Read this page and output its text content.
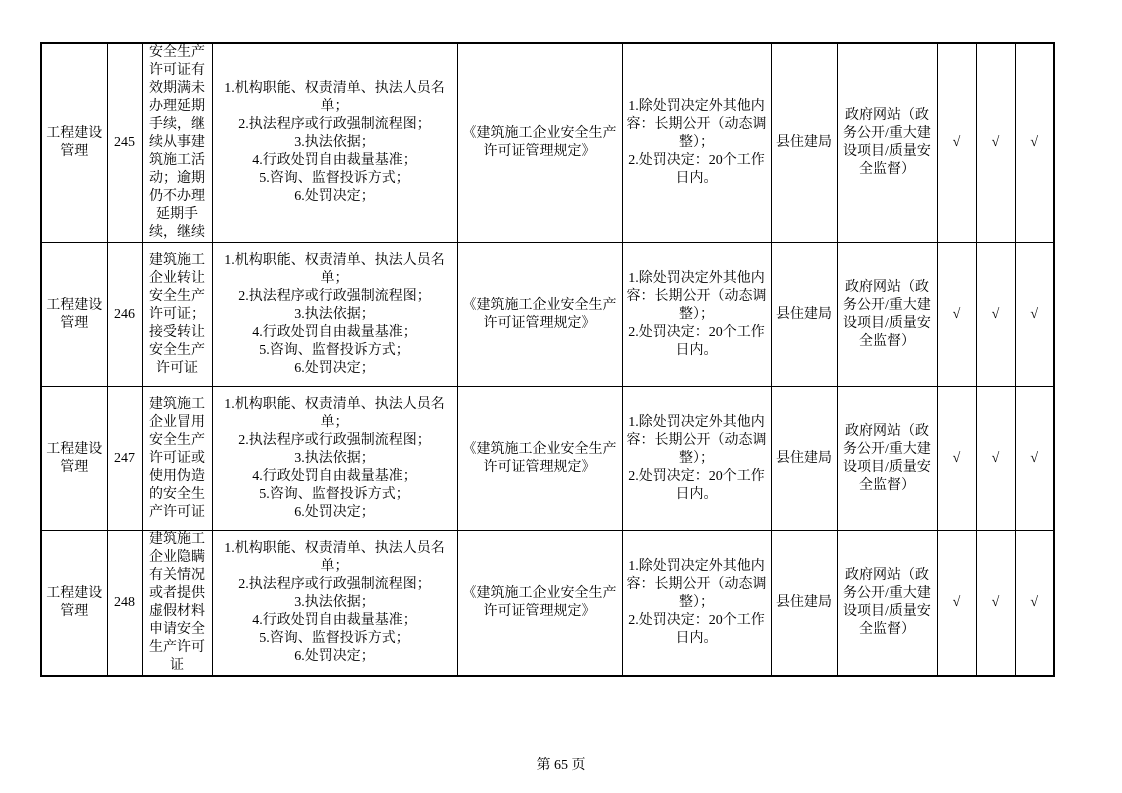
工程建设管理	245	安全生产许可证有效期满未办理延期手续，继续从事建筑施工活动；逾期仍不办理延期手续，继续	
1.机构职能、权责清单、执法人员名单；
2.执法程序或行政强制流程图；
3.执法依据；
4.行政处罚自由裁量基准；
5.咨询、监督投诉方式；
6.处罚决定；
	《建筑施工企业安全生产许可证管理规定》	
1.除处罚决定外其他内容：长期公开（动态调整）；
2.处罚决定：20个工作日内。
	县住建局	政府网站（政务公开/重大建设项目/质量安全监督）	√	√	√
工程建设管理	246	建筑施工企业转让安全生产许可证；接受转让安全生产许可证	
1.机构职能、权责清单、执法人员名单；
2.执法程序或行政强制流程图；
3.执法依据；
4.行政处罚自由裁量基准；
5.咨询、监督投诉方式；
6.处罚决定；
	《建筑施工企业安全生产许可证管理规定》	
1.除处罚决定外其他内容：长期公开（动态调整）；
2.处罚决定：20个工作日内。
	县住建局	政府网站（政务公开/重大建设项目/质量安全监督）	√	√	√
工程建设管理	247	建筑施工企业冒用安全生产许可证或使用伪造的安全生产许可证	
1.机构职能、权责清单、执法人员名单；
2.执法程序或行政强制流程图；
3.执法依据；
4.行政处罚自由裁量基准；
5.咨询、监督投诉方式；
6.处罚决定；
	《建筑施工企业安全生产许可证管理规定》	
1.除处罚决定外其他内容：长期公开（动态调整）；
2.处罚决定：20个工作日内。
	县住建局	政府网站（政务公开/重大建设项目/质量安全监督）	√	√	√
工程建设管理	248	建筑施工企业隐瞒有关情况或者提供虚假材料申请安全生产许可证	
1.机构职能、权责清单、执法人员名单；
2.执法程序或行政强制流程图；
3.执法依据；
4.行政处罚自由裁量基准；
5.咨询、监督投诉方式；
6.处罚决定；
	《建筑施工企业安全生产许可证管理规定》	
1.除处罚决定外其他内容：长期公开（动态调整）；
2.处罚决定：20个工作日内。
	县住建局	政府网站（政务公开/重大建设项目/质量安全监督）	√	√	√
第 65 页
